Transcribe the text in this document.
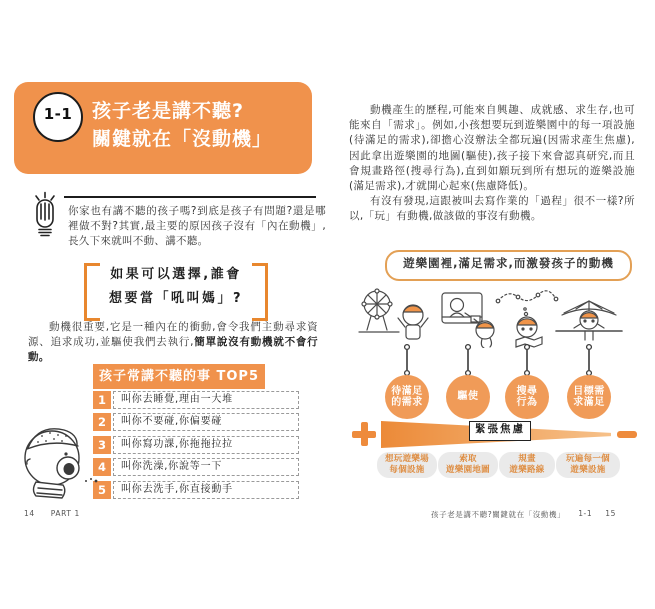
1-1	孩子老是講不聽?
關鍵就在「沒動機」

你家也有講不聽的孩子嗎?到底是孩子有問題?還是哪裡做不對?其實,最主要的原因孩子沒有「內在動機」,長久下來就叫不動、講不聽。

如果可以選擇,誰會
想要當「吼叫媽」?

動機很重要,它是一種內在的衝動,會令我們主動尋求資源、追求成功,並驅使我們去執行,簡單說沒有動機就不會行動。

孩子常講不聽的事 TOP5
1	叫你去睡覺,理由一大堆
2	叫你不要碰,你偏要碰
3	叫你寫功課,你拖拖拉拉
4	叫你洗澡,你說等一下
5	叫你去洗手,你直接動手
14 PART 1

動機產生的歷程,可能來自興趣、成就感、求生存,也可能來自「需求」。例如,小孩想要玩到遊樂園中的每一項設施(待滿足的需求),卻擔心沒辦法全都玩遍(因需求產生焦慮),因此拿出遊樂園的地圖(驅使),孩子接下來會認真研究,而且會規畫路徑(搜尋行為),直到如願玩到所有想玩的遊樂設施(滿足需求),才就開心起來(焦慮降低)。

有沒有發現,這跟被叫去寫作業的「過程」很不一樣?所以,「玩」有動機,做該做的事沒有動機。

遊樂園裡,滿足需求,而激發孩子的動機
待滿足
的需求
驅使
搜尋
行為
目標需
求滿足
緊張焦慮
想玩遊樂場
每個設施
索取
遊樂園地圖
規畫
遊樂路線
玩遍每一個
遊樂設施
孩子老是講不聽?關鍵就在「沒動機」 1-1 15
